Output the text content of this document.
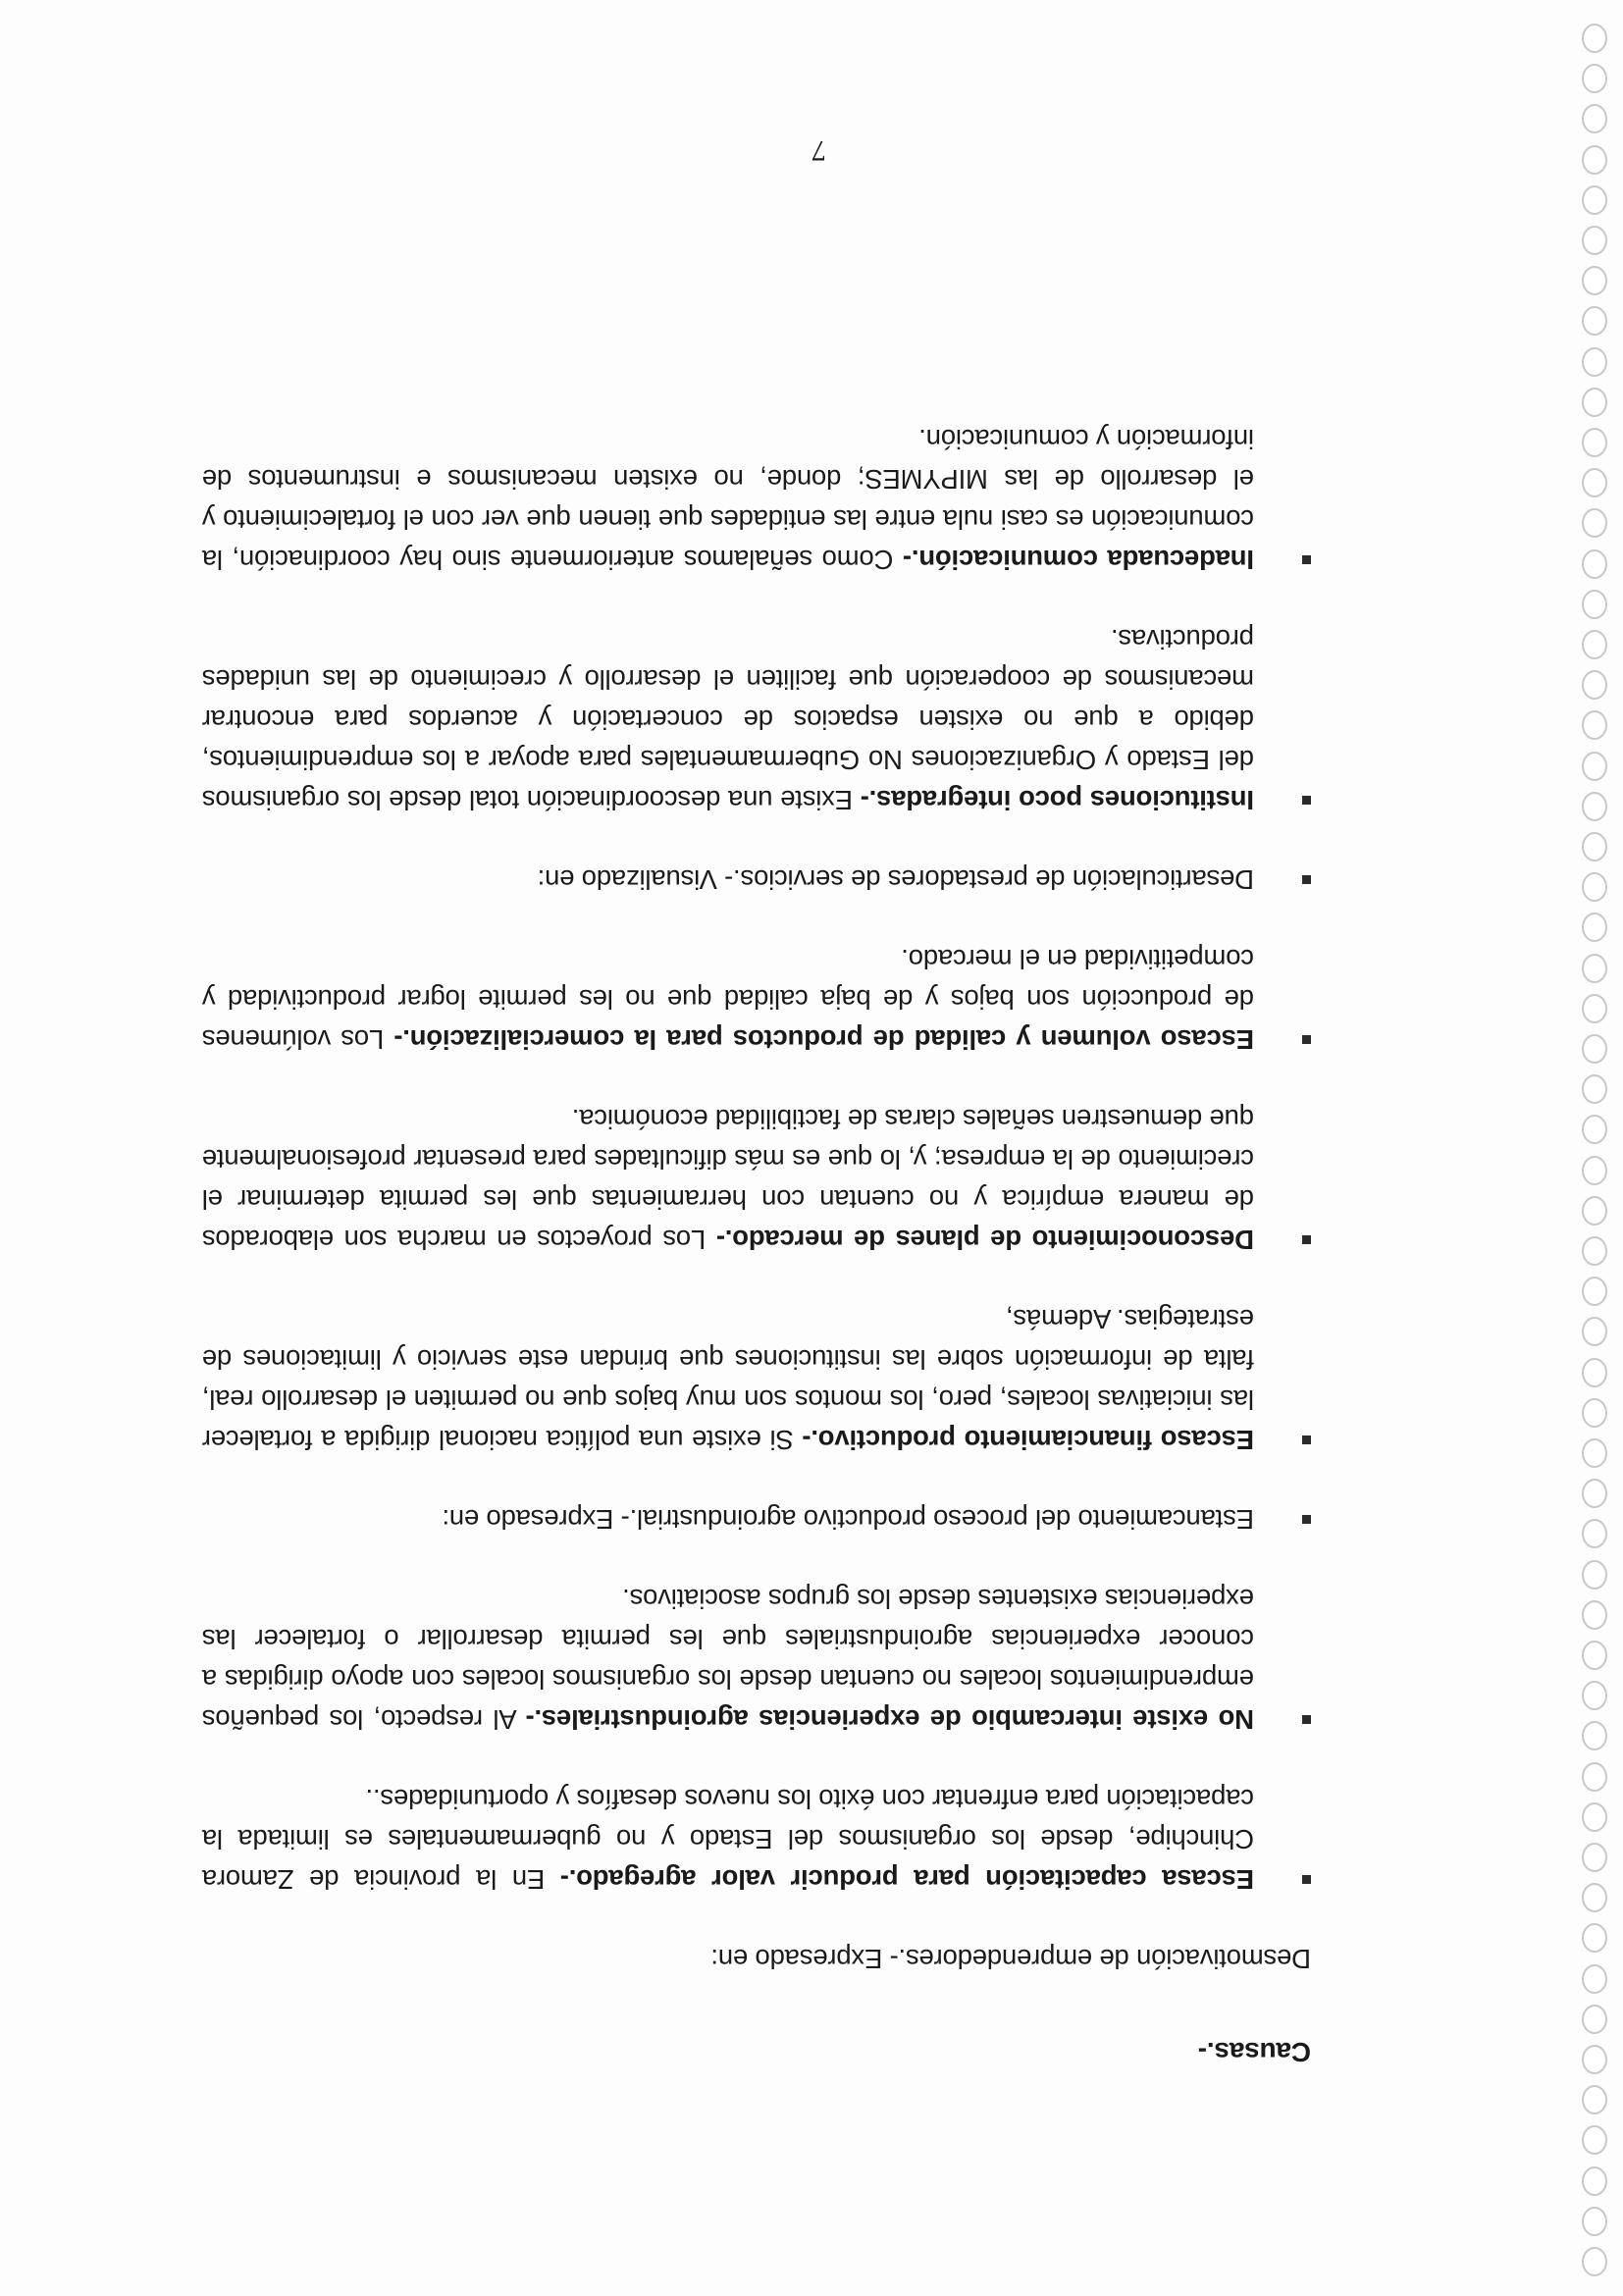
Causas.-
Desmotivación de emprendedores.- Expresado en:
Escasa capacitación para producir valor agregado.- En la provincia de Zamora Chinchipe, desde los organismos del Estado y no gubermamentales es limitada la capacitación para enfrentar con éxito los nuevos desafíos y oportunidades..
No existe intercambio de experiencias agroindustriales.- Al respecto, los pequeños emprendimientos locales no cuentan desde los organismos locales con apoyo dirigidas a conocer experiencias agroindustriales que les permita desarrollar o fortalecer las experiencias existentes desde los grupos asociativos.
Estancamiento del proceso productivo agroindustrial.- Expresado en:
Escaso financiamiento productivo.- Si existe una política nacional dirigida a fortalecer las iniciativas locales, pero, los montos son muy bajos que no permiten el desarrollo real, falta de información sobre las instituciones que brindan este servicio y limitaciones de estrategias. Además,
Desconocimiento de planes de mercado.- Los proyectos en marcha son elaborados de manera empírica y no cuentan con herramientas que les permita determinar el crecimiento de la empresa; y, lo que es más dificultades para presentar profesionalmente que demuestren señales claras de factibilidad económica.
Escaso volumen y calidad de productos para la comercialización.- Los volúmenes de producción son bajos y de baja calidad que no les permite lograr productividad y competitividad en el mercado.
Desarticulación de prestadores de servicios.- Visualizado en:
Instituciones poco integradas.- Existe una descoordinación total desde los organismos del Estado y Organizaciones No Gubermamentales para apoyar a los emprendimientos, debido a que no existen espacios de concertación y acuerdos para encontrar mecanismos de cooperación que faciliten el desarrollo y crecimiento de las unidades productivas.
Inadecuada comunicación.- Como señalamos anteriormente sino hay coordinación, la comunicación es casi nula entre las entidades que tienen que ver con el fortalecimiento y el desarrollo de las MIPYMES; donde, no existen mecanismos e instrumentos de información y comunicación.
7
